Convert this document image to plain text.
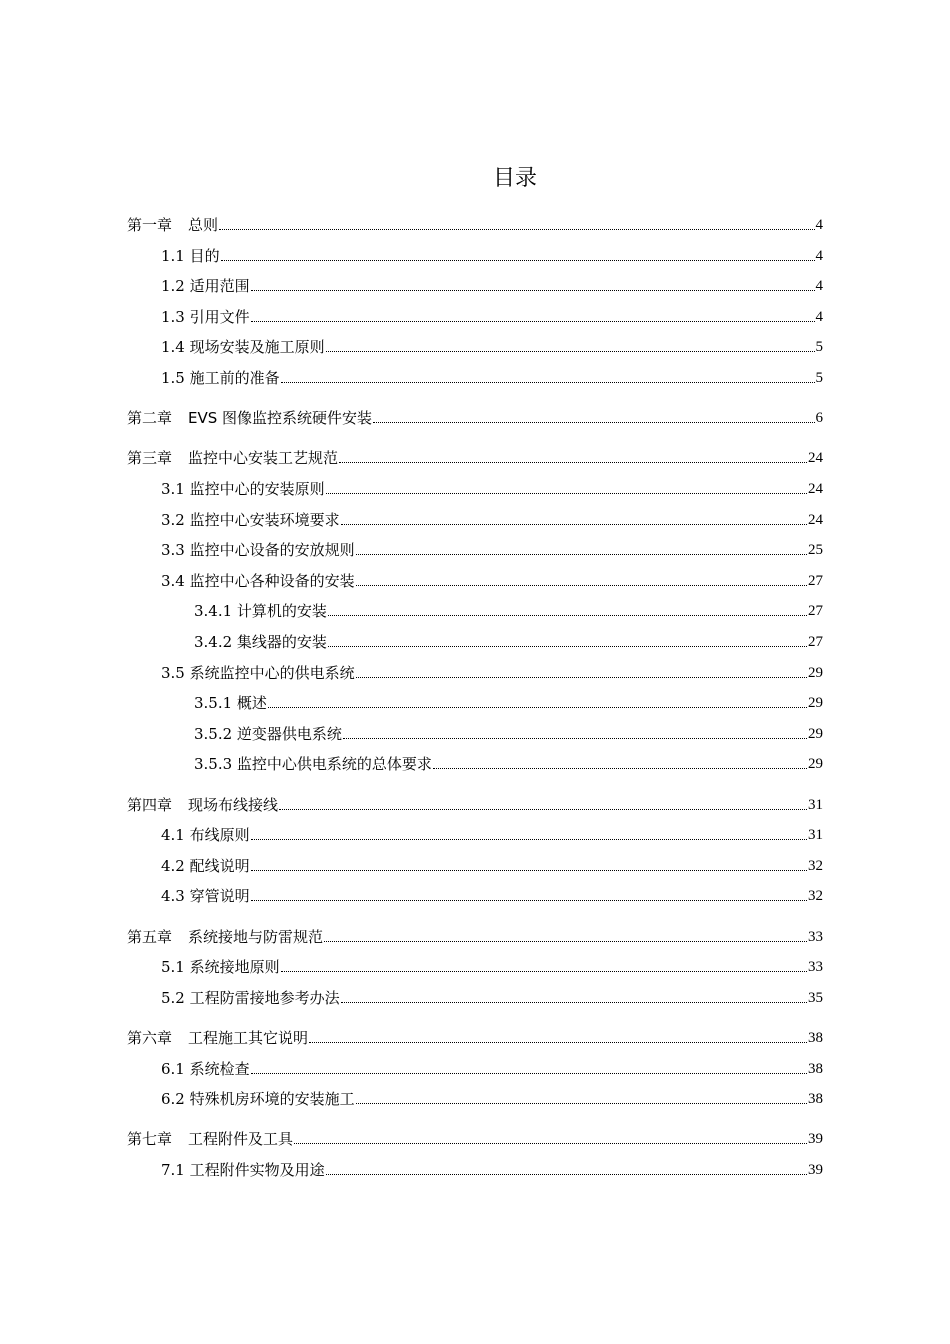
目录
第一章 总则	4
1.1 目的	4
1.2 适用范围	4
1.3 引用文件	4
1.4 现场安装及施工原则	5
1.5 施工前的准备	5
第二章 EVS 图像监控系统硬件安装	6
第三章 监控中心安装工艺规范	24
3.1 监控中心的安装原则	24
3.2 监控中心安装环境要求	24
3.3 监控中心设备的安放规则	25
3.4 监控中心各种设备的安装	27
3.4.1 计算机的安装	27
3.4.2 集线器的安装	27
3.5 系统监控中心的供电系统	29
3.5.1 概述	29
3.5.2 逆变器供电系统	29
3.5.3 监控中心供电系统的总体要求	29
第四章 现场布线接线	31
4.1 布线原则	31
4.2 配线说明	32
4.3 穿管说明	32
第五章 系统接地与防雷规范	33
5.1 系统接地原则	33
5.2 工程防雷接地参考办法	35
第六章 工程施工其它说明	38
6.1 系统检查	38
6.2 特殊机房环境的安装施工	38
第七章 工程附件及工具	39
7.1 工程附件实物及用途	39
